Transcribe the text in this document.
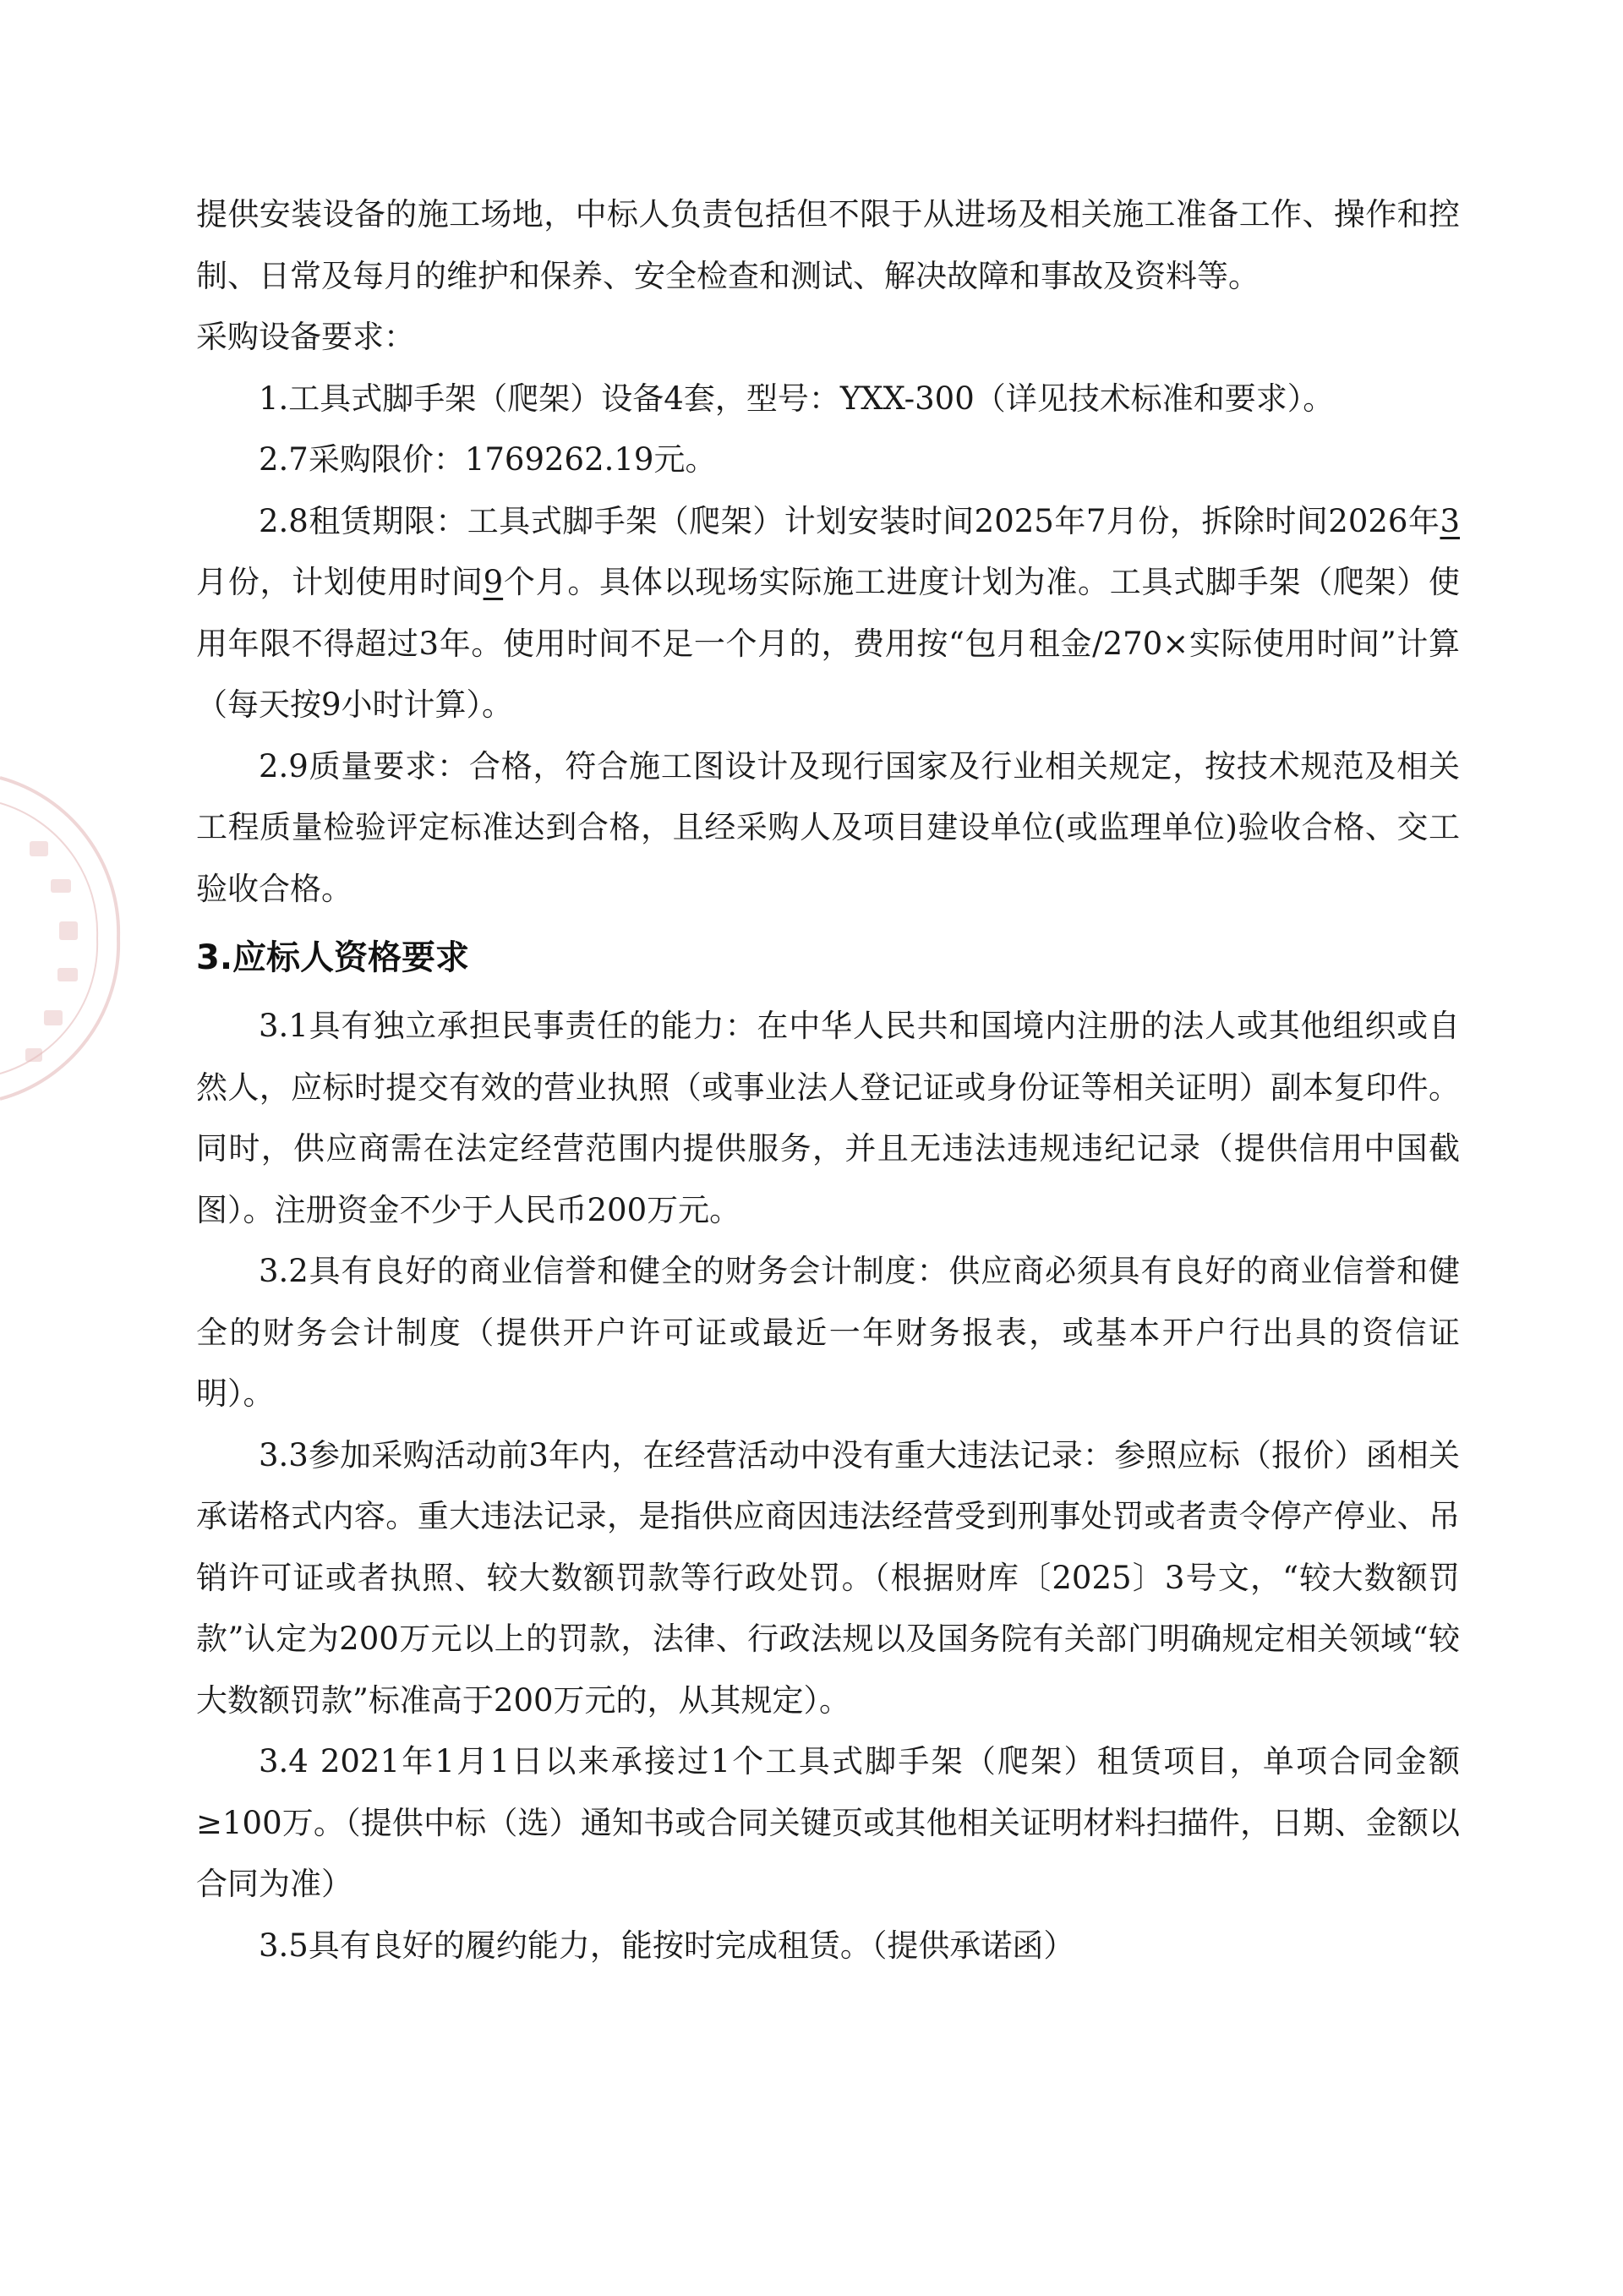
提供安装设备的施工场地，中标人负责包括但不限于从进场及相关施工准备工作、操作和控制、日常及每月的维护和保养、安全检查和测试、解决故障和事故及资料等。

采购设备要求：

1.工具式脚手架（爬架）设备4套，型号：YXX-300（详见技术标准和要求）。

2.7采购限价：1769262.19元。

2.8租赁期限：工具式脚手架（爬架）计划安装时间2025年7月份，拆除时间2026年3月份，计划使用时间9个月。具体以现场实际施工进度计划为准。工具式脚手架（爬架）使用年限不得超过3年。使用时间不足一个月的，费用按“包月租金/270×实际使用时间”计算（每天按9小时计算）。

2.9质量要求：合格，符合施工图设计及现行国家及行业相关规定，按技术规范及相关工程质量检验评定标准达到合格，且经采购人及项目建设单位(或监理单位)验收合格、交工验收合格。

3.应标人资格要求

3.1具有独立承担民事责任的能力：在中华人民共和国境内注册的法人或其他组织或自然人，应标时提交有效的营业执照（或事业法人登记证或身份证等相关证明）副本复印件。同时，供应商需在法定经营范围内提供服务，并且无违法违规违纪记录（提供信用中国截图）。注册资金不少于人民币200万元。

3.2具有良好的商业信誉和健全的财务会计制度：供应商必须具有良好的商业信誉和健全的财务会计制度（提供开户许可证或最近一年财务报表，或基本开户行出具的资信证明）。

3.3参加采购活动前3年内，在经营活动中没有重大违法记录：参照应标（报价）函相关承诺格式内容。重大违法记录，是指供应商因违法经营受到刑事处罚或者责令停产停业、吊销许可证或者执照、较大数额罚款等行政处罚。（根据财库〔2025〕3号文，“较大数额罚款”认定为200万元以上的罚款，法律、行政法规以及国务院有关部门明确规定相关领域“较大数额罚款”标准高于200万元的，从其规定）。

3.4 2021年1月1日以来承接过1个工具式脚手架（爬架）租赁项目，单项合同金额≥100万。（提供中标（选）通知书或合同关键页或其他相关证明材料扫描件，日期、金额以合同为准）

3.5具有良好的履约能力，能按时完成租赁。（提供承诺函）
